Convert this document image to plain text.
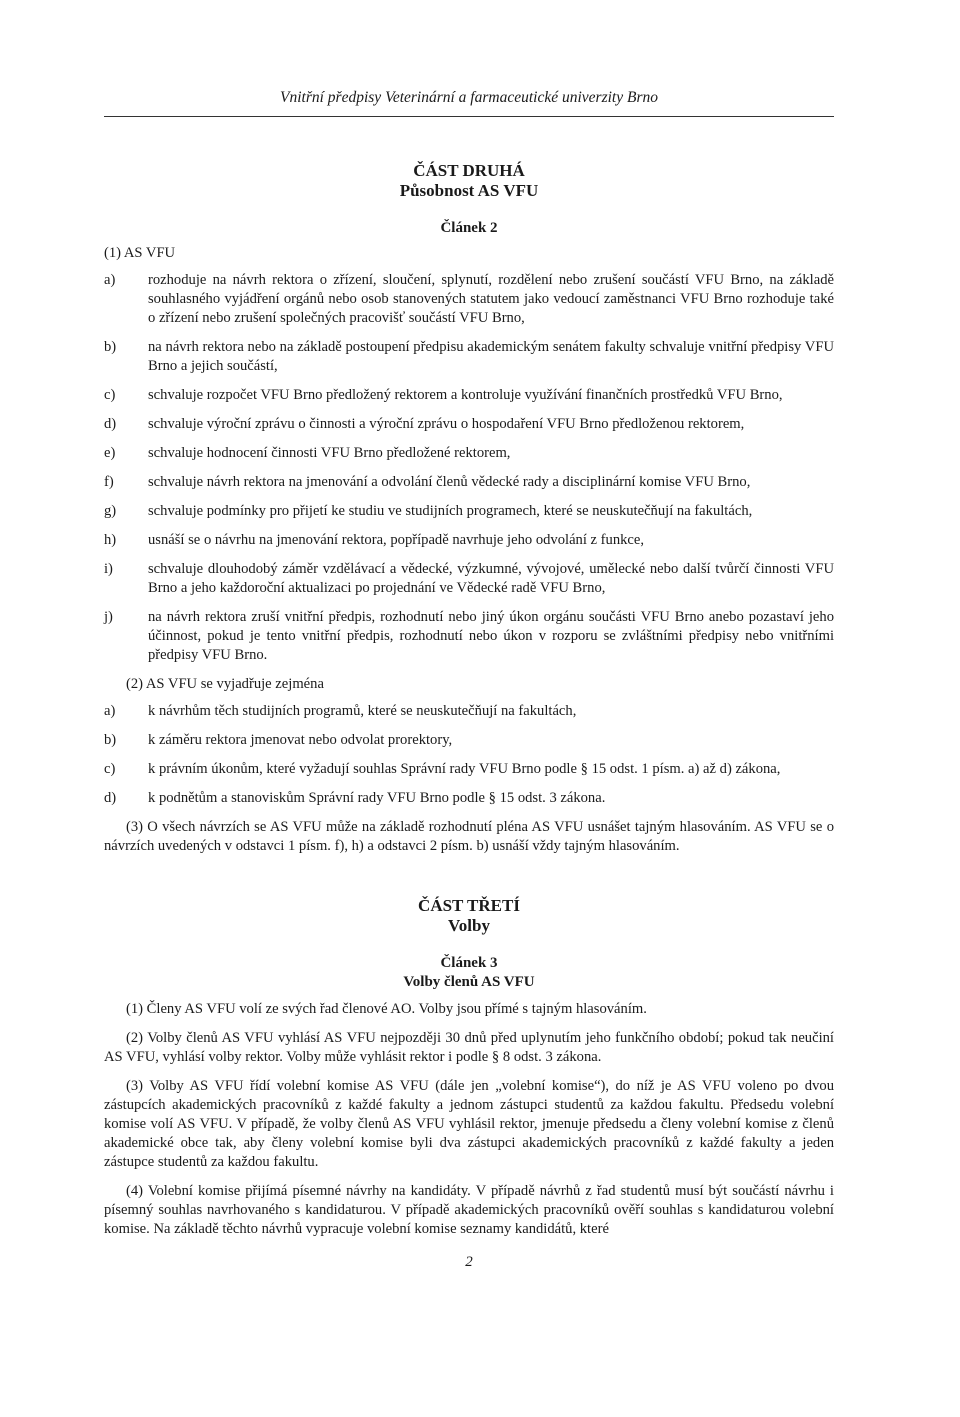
Vnitřní předpisy Veterinární a farmaceutické univerzity Brno
ČÁST DRUHÁ
Působnost AS VFU
Článek 2

(1) AS VFU

a)	rozhoduje na návrh rektora o zřízení, sloučení, splynutí, rozdělení nebo zrušení součástí VFU Brno, na základě souhlasného vyjádření orgánů nebo osob stanovených statutem jako vedoucí zaměstnanci VFU Brno rozhoduje také o zřízení nebo zrušení společných pracovišť součástí VFU Brno,
b)	na návrh rektora nebo na základě postoupení předpisu akademickým senátem fakulty schvaluje vnitřní předpisy VFU Brno a jejich součástí,
c)	schvaluje rozpočet VFU Brno předložený rektorem a kontroluje využívání finančních prostředků VFU Brno,
d)	schvaluje výroční zprávu o činnosti a výroční zprávu o hospodaření VFU Brno předloženou rektorem,
e)	schvaluje hodnocení činnosti VFU Brno předložené rektorem,
f)	schvaluje návrh rektora na jmenování a odvolání členů vědecké rady a disciplinární komise VFU Brno,
g)	schvaluje podmínky pro přijetí ke studiu ve studijních programech, které se neuskutečňují na fakultách,
h)	usnáší se o návrhu na jmenování rektora, popřípadě navrhuje jeho odvolání z funkce,
i)	schvaluje dlouhodobý záměr vzdělávací a vědecké, výzkumné, vývojové, umělecké nebo další tvůrčí činnosti VFU Brno a jeho každoroční aktualizaci po projednání ve Vědecké radě VFU Brno,
j)	na návrh rektora zruší vnitřní předpis, rozhodnutí nebo jiný úkon orgánu součásti VFU Brno anebo pozastaví jeho účinnost, pokud je tento vnitřní předpis, rozhodnutí nebo úkon v rozporu se zvláštními předpisy nebo vnitřními předpisy VFU Brno.

(2) AS VFU se vyjadřuje zejména

a)	k návrhům těch studijních programů, které se neuskutečňují na fakultách,
b)	k záměru rektora jmenovat nebo odvolat prorektory,
c)	k právním úkonům, které vyžadují souhlas Správní rady VFU Brno podle § 15 odst. 1 písm. a) až d) zákona,
d)	k podnětům a stanoviskům Správní rady VFU Brno podle § 15 odst. 3 zákona.

(3) O všech návrzích se AS VFU může na základě rozhodnutí pléna AS VFU usnášet tajným hlasováním. AS VFU se o návrzích uvedených v odstavci 1 písm. f), h) a odstavci 2 písm. b) usnáší vždy tajným hlasováním.

ČÁST TŘETÍ
Volby
Článek 3
Volby členů AS VFU

(1) Členy AS VFU volí ze svých řad členové AO. Volby jsou přímé s tajným hlasováním.

(2) Volby členů AS VFU vyhlásí AS VFU nejpozději 30 dnů před uplynutím jeho funkčního období; pokud tak neučiní AS VFU, vyhlásí volby rektor. Volby může vyhlásit rektor i podle § 8 odst. 3 zákona.

(3) Volby AS VFU řídí volební komise AS VFU (dále jen „volební komise“), do níž je AS VFU voleno po dvou zástupcích akademických pracovníků z každé fakulty a jednom zástupci studentů za každou fakultu. Předsedu volební komise volí AS VFU. V případě, že volby členů AS VFU vyhlásil rektor, jmenuje předsedu a členy volební komise z členů akademické obce tak, aby členy volební komise byli dva zástupci akademických pracovníků z každé fakulty a jeden zástupce studentů za každou fakultu.

(4) Volební komise přijímá písemné návrhy na kandidáty. V případě návrhů z řad studentů musí být součástí návrhu i písemný souhlas navrhovaného s kandidaturou. V případě akademických pracovníků ověří souhlas s kandidaturou volební komise. Na základě těchto návrhů vypracuje volební komise seznamy kandidátů, které

2
